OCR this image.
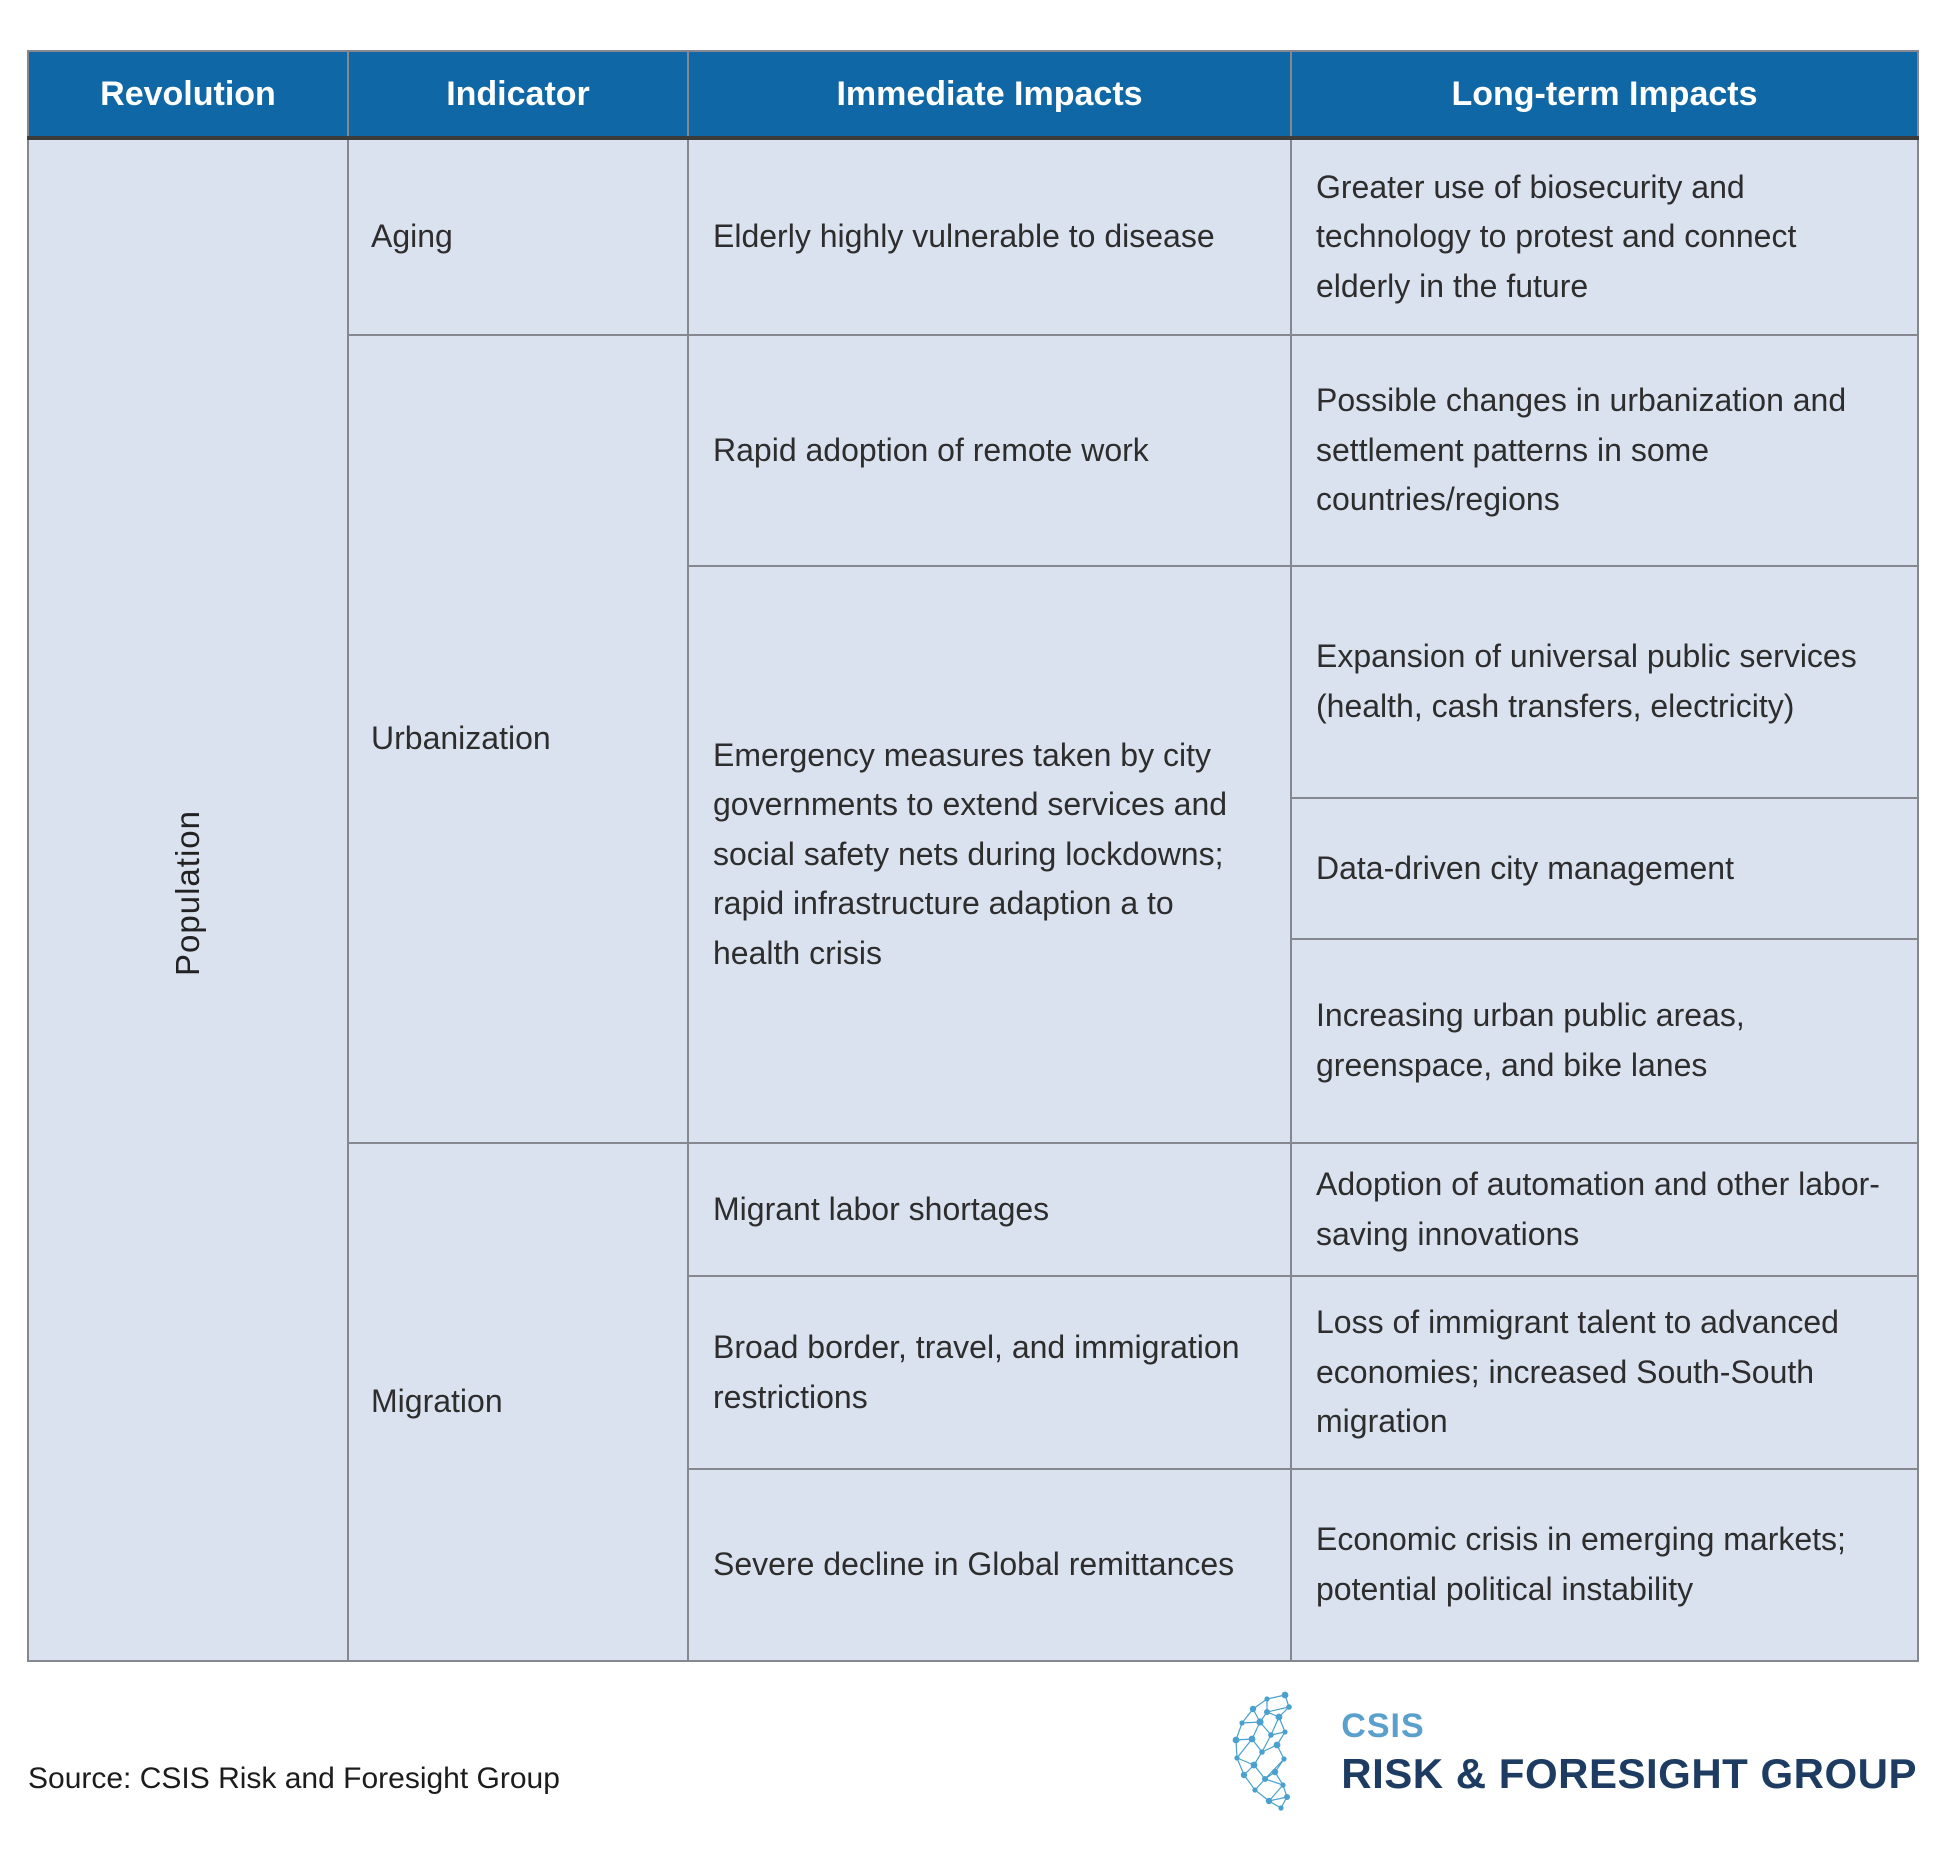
Revolution	Indicator	Immediate Impacts	Long-term Impacts
Population	Aging	Elderly highly vulnerable to disease	Greater use of biosecurity and technology to protest and connect elderly in the future
	Urbanization	Rapid adoption of remote work	Possible changes in urbanization and settlement patterns in some countries/regions
		Emergency measures taken by city governments to extend services and social safety nets during lockdowns; rapid infrastructure adaption a to health crisis	Expansion of universal public services (health, cash transfers, electricity)
			Data-driven city management
			Increasing urban public areas, greenspace, and bike lanes
	Migration	Migrant labor shortages	Adoption of automation and other labor-saving innovations
		Broad border, travel, and immigration restrictions	Loss of immigrant talent to advanced economies; increased South-South migration
		Severe decline in Global remittances	Economic crisis in emerging markets; potential political instability
Source: CSIS Risk and Foresight Group
CSIS
RISK & FORESIGHT GROUP
